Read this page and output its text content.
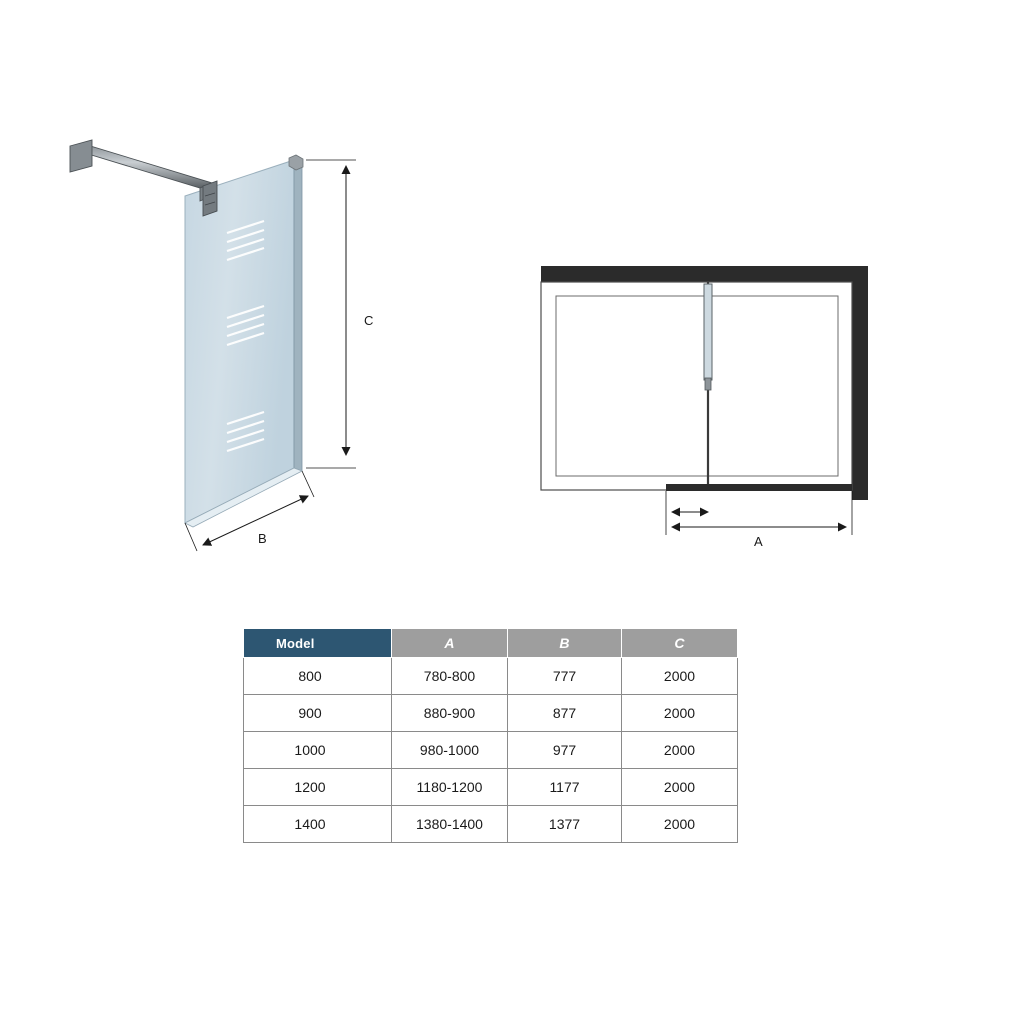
C
B	A
Model	A	B	C
800	780-800	777	2000
900	880-900	877	2000
1000	980-1000	977	2000
1200	1180-1200	1177	2000
1400	1380-1400	1377	2000
